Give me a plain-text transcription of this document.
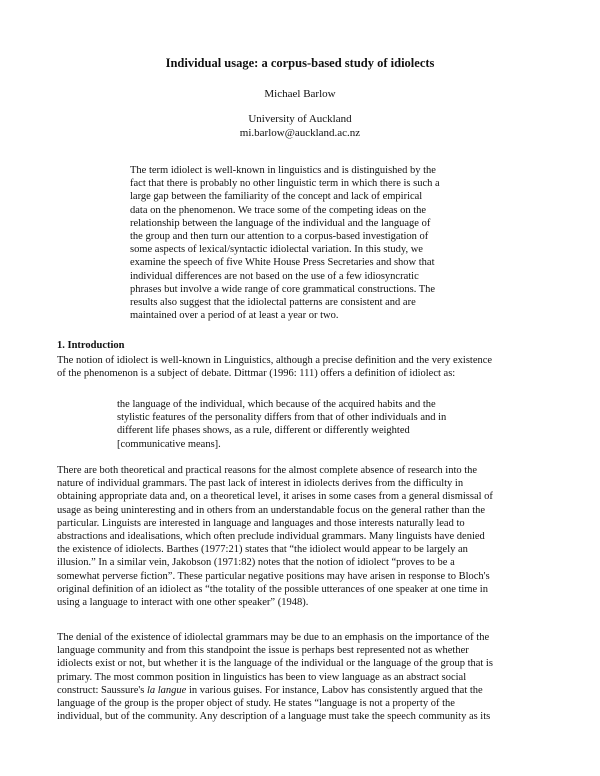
Individual usage: a corpus-based study of idiolects
Michael Barlow
University of Auckland
mi.barlow@auckland.ac.nz
The term idiolect is well-known in linguistics and is distinguished by the
fact that there is probably no other linguistic term in which there is such a
large gap between the familiarity of the concept and lack of empirical
data on the phenomenon. We trace some of the competing ideas on the
relationship between the language of the individual and the language of
the group and then turn our attention to a corpus-based investigation of
some aspects of lexical/syntactic idiolectal variation. In this study, we
examine the speech of five White House Press Secretaries and show that
individual differences are not based on the use of a few idiosyncratic
phrases but involve a wide range of core grammatical constructions. The
results also suggest that the idiolectal patterns are consistent and are
maintained over a period of at least a year or two.
1. Introduction
The notion of idiolect is well-known in Linguistics, although a precise definition and the very existence
of the phenomenon is a subject of debate. Dittmar (1996: 111) offers a definition of idiolect as:
the language of the individual, which because of the acquired habits and the
stylistic features of the personality differs from that of other individuals and in
different life phases shows, as a rule, different or differently weighted
[communicative means].
There are both theoretical and practical reasons for the almost complete absence of research into the
nature of individual grammars. The past lack of interest in idiolects derives from the difficulty in
obtaining appropriate data and, on a theoretical level, it arises in some cases from a general dismissal of
usage as being uninteresting and in others from an understandable focus on the general rather than the
particular. Linguists are interested in language and languages and those interests naturally lead to
abstractions and idealisations, which often preclude individual grammars. Many linguists have denied
the existence of idiolects. Barthes (1977:21) states that “the idiolect would appear to be largely an
illusion.” In a similar vein, Jakobson (1971:82) notes that the notion of idiolect “proves to be a
somewhat perverse fiction”. These particular negative positions may have arisen in response to Bloch's
original definition of an idiolect as “the totality of the possible utterances of one speaker at one time in
using a language to interact with one other speaker” (1948).
The denial of the existence of idiolectal grammars may be due to an emphasis on the importance of the
language community and from this standpoint the issue is perhaps best represented not as whether
idiolects exist or not, but whether it is the language of the individual or the language of the group that is
primary. The most common position in linguistics has been to view language as an abstract social
construct: Saussure's la langue in various guises. For instance, Labov has consistently argued that the
language of the group is the proper object of study. He states “language is not a property of the
individual, but of the community. Any description of a language must take the speech community as its
